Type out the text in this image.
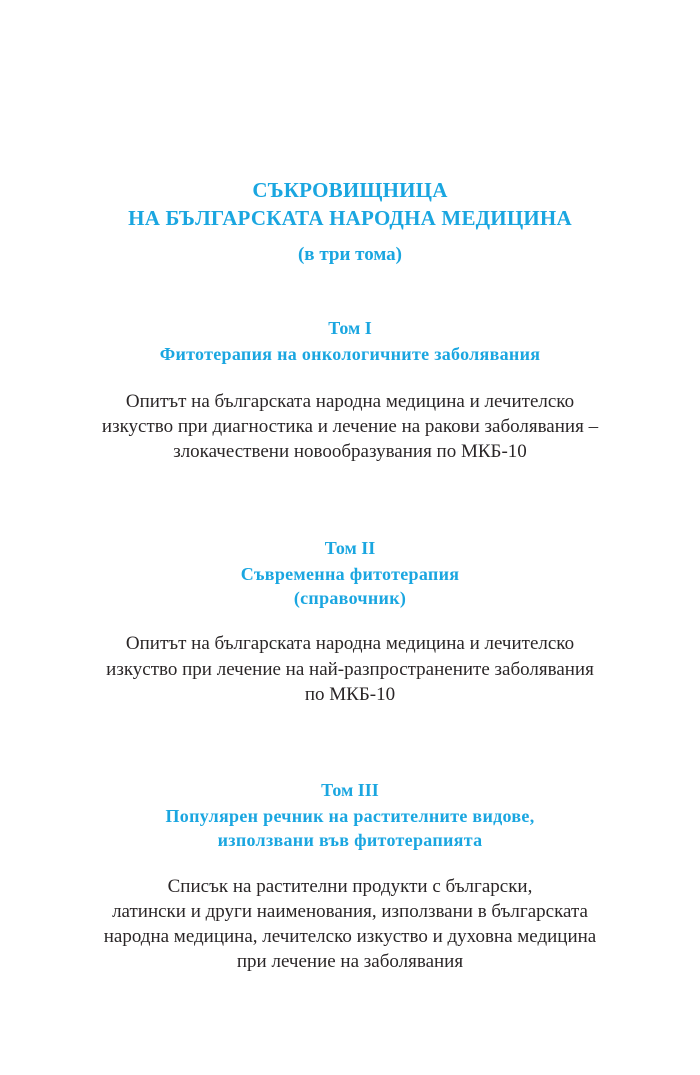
СЪКРОВИЩНИЦА

НА БЪЛГАРСКАТА НАРОДНА МЕДИЦИНА

(в три тома)

Том I

Фитотерапия на онкологичните заболявания

Опитът на българската народна медицина и лечителско

изкуство при диагностика и лечение на ракови заболявания –

злокачествени новообразувания по МКБ-10

Том II

Съвременна фитотерапия

(справочник)

Опитът на българската народна медицина и лечителско

изкуство при лечение на най-разпространените заболявания

по МКБ-10

Том III

Популярен речник на растителните видове,

използвани във фитотерапията

Списък на растителни продукти с български,

латински и други наименования, използвани в българската

народна медицина, лечителско изкуство и духовна медицина

при лечение на заболявания
